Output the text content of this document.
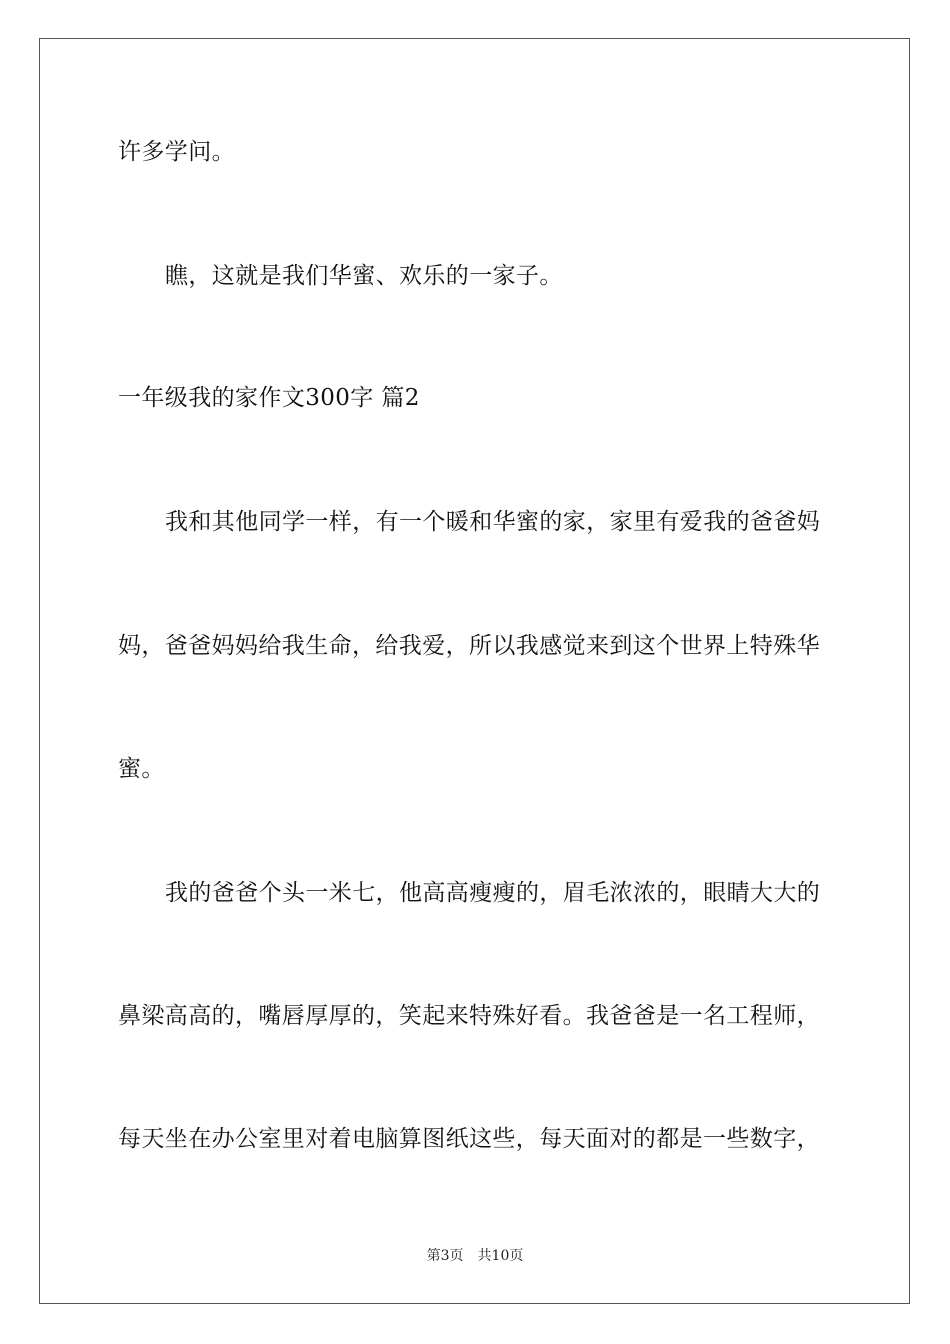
许多学问。
瞧，这就是我们华蜜、欢乐的一家子。
一年级我的家作文300字 篇2
我和其他同学一样，有一个暖和华蜜的家，家里有爱我的爸爸妈
妈，爸爸妈妈给我生命，给我爱，所以我感觉来到这个世界上特殊华
蜜。
我的爸爸个头一米七，他高高瘦瘦的，眉毛浓浓的，眼睛大大的
鼻梁高高的，嘴唇厚厚的，笑起来特殊好看。我爸爸是一名工程师，
每天坐在办公室里对着电脑算图纸这些，每天面对的都是一些数字，
第3页 共10页
